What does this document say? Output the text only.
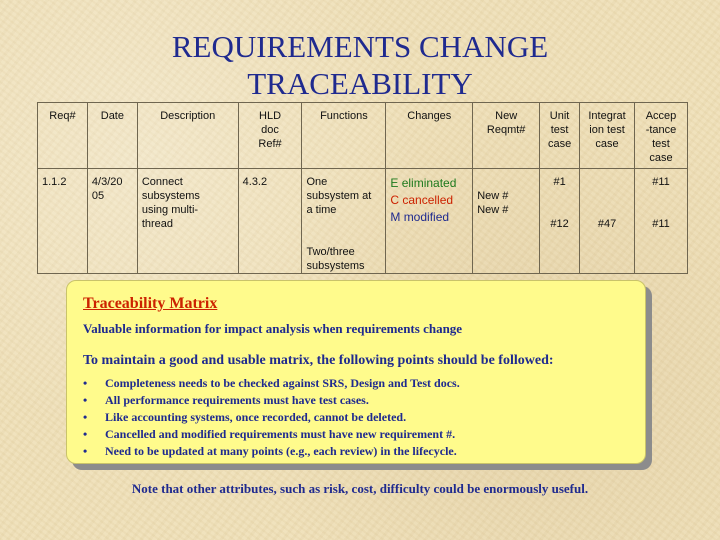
REQUIREMENTS CHANGE
TRACEABILITY
Req#	Date	Description	HLD
doc
Ref#	Functions	Changes	New
Reqmt#	Unit
test
case	Integrat
ion test
case	Accep
-tance
test
case

1.1.2	4/3/20
05	Connect
subsystems
using multi-
thread	4.3.2	One
subsystem at
a time
Two/three
subsystems	E eliminated
C cancelled
M modified	New #
New #	#1
#12	#47	#11
#11
Traceability Matrix
Valuable information for impact analysis when requirements change
To maintain a good and usable matrix, the following points should be followed:
• Completeness needs to be checked against SRS, Design and Test docs.
• All performance requirements must have test cases.
• Like accounting systems, once recorded, cannot be deleted.
• Cancelled and modified requirements must have new requirement #.
• Need to be updated at many points (e.g., each review) in the lifecycle.
Note that other attributes, such as risk, cost, difficulty could be enormously useful.
